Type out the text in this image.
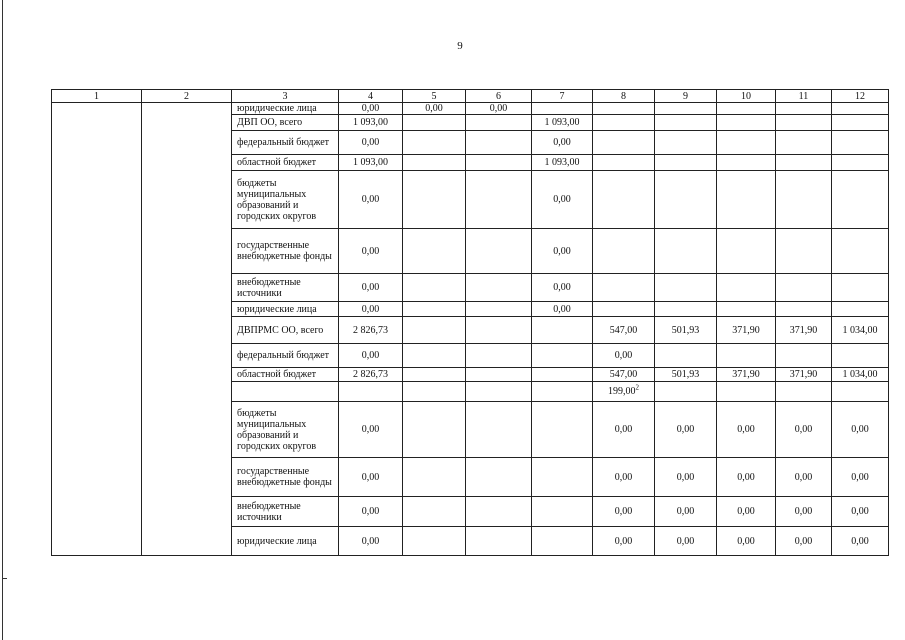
9
1	2	3	4	5	6	7	8	9	10	11	12
		юридические лица	0,00	0,00	0,00						
		ДВП ОО, всего	1 093,00			1 093,00					
		федеральный бюджет	0,00			0,00					
		областной бюджет	1 093,00			1 093,00					
		бюджеты муниципальных образований и городских округов	0,00			0,00					
		государственные внебюджетные фонды	0,00			0,00					
		внебюджетные источники	0,00			0,00					
		юридические лица	0,00			0,00					
		ДВПРМС ОО, всего	2 826,73				547,00	501,93	371,90	371,90	1 034,00
		федеральный бюджет	0,00				0,00				
		областной бюджет	2 826,73				547,00	501,93	371,90	371,90	1 034,00
							199,00$^2$				
		бюджеты муниципальных образований и городских округов	0,00				0,00	0,00	0,00	0,00	0,00
		государственные внебюджетные фонды	0,00				0,00	0,00	0,00	0,00	0,00
		внебюджетные источники	0,00				0,00	0,00	0,00	0,00	0,00
		юридические лица	0,00				0,00	0,00	0,00	0,00	0,00
